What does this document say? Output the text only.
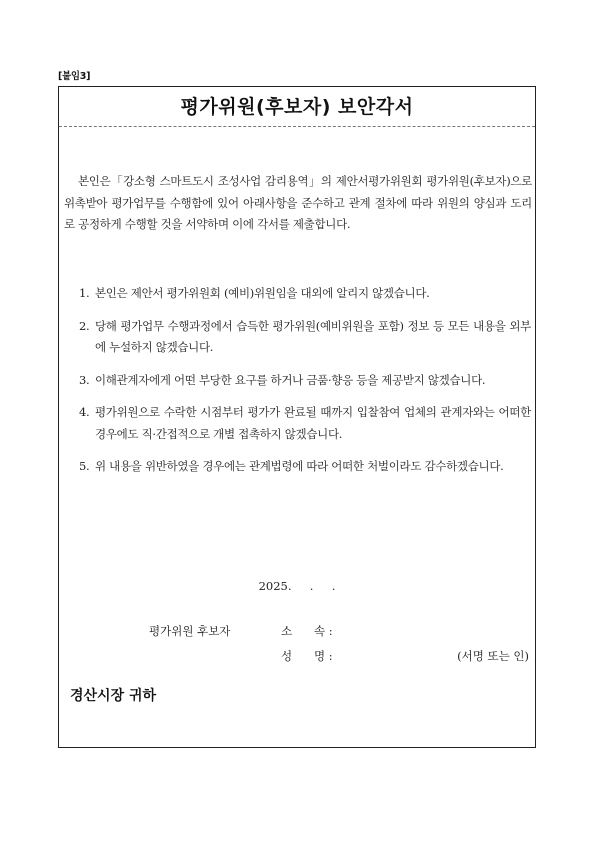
[붙임3]
평가위원(후보자) 보안각서

본인은「강소형 스마트도시 조성사업 감리용역」의 제안서평가위원회 평가위원(후보자)으로 위촉받아 평가업무를 수행함에 있어 아래사항을 준수하고 관계 절차에 따라 위원의 양심과 도리로 공정하게 수행할 것을 서약하며 이에 각서를 제출합니다.

1. 본인은 제안서 평가위원회 (예비)위원임을 대외에 알리지 않겠습니다.
2. 당해 평가업무 수행과정에서 습득한 평가위원(예비위원을 포함) 정보 등 모든 내용을 외부에 누설하지 않겠습니다.
3. 이해관계자에게 어떤 부당한 요구를 하거나 금품·향응 등을 제공받지 않겠습니다.
4. 평가위원으로 수락한 시점부터 평가가 완료될 때까지 입찰참여 업체의 관계자와는 어떠한 경우에도 직·간접적으로 개별 접촉하지 않겠습니다.
5. 위 내용을 위반하였을 경우에는 관계법령에 따라 어떠한 처벌이라도 감수하겠습니다.
2025.     .     .
평가위원 후보자	소      속 :
성      명 :	(서명 또는 인)
경산시장 귀하
